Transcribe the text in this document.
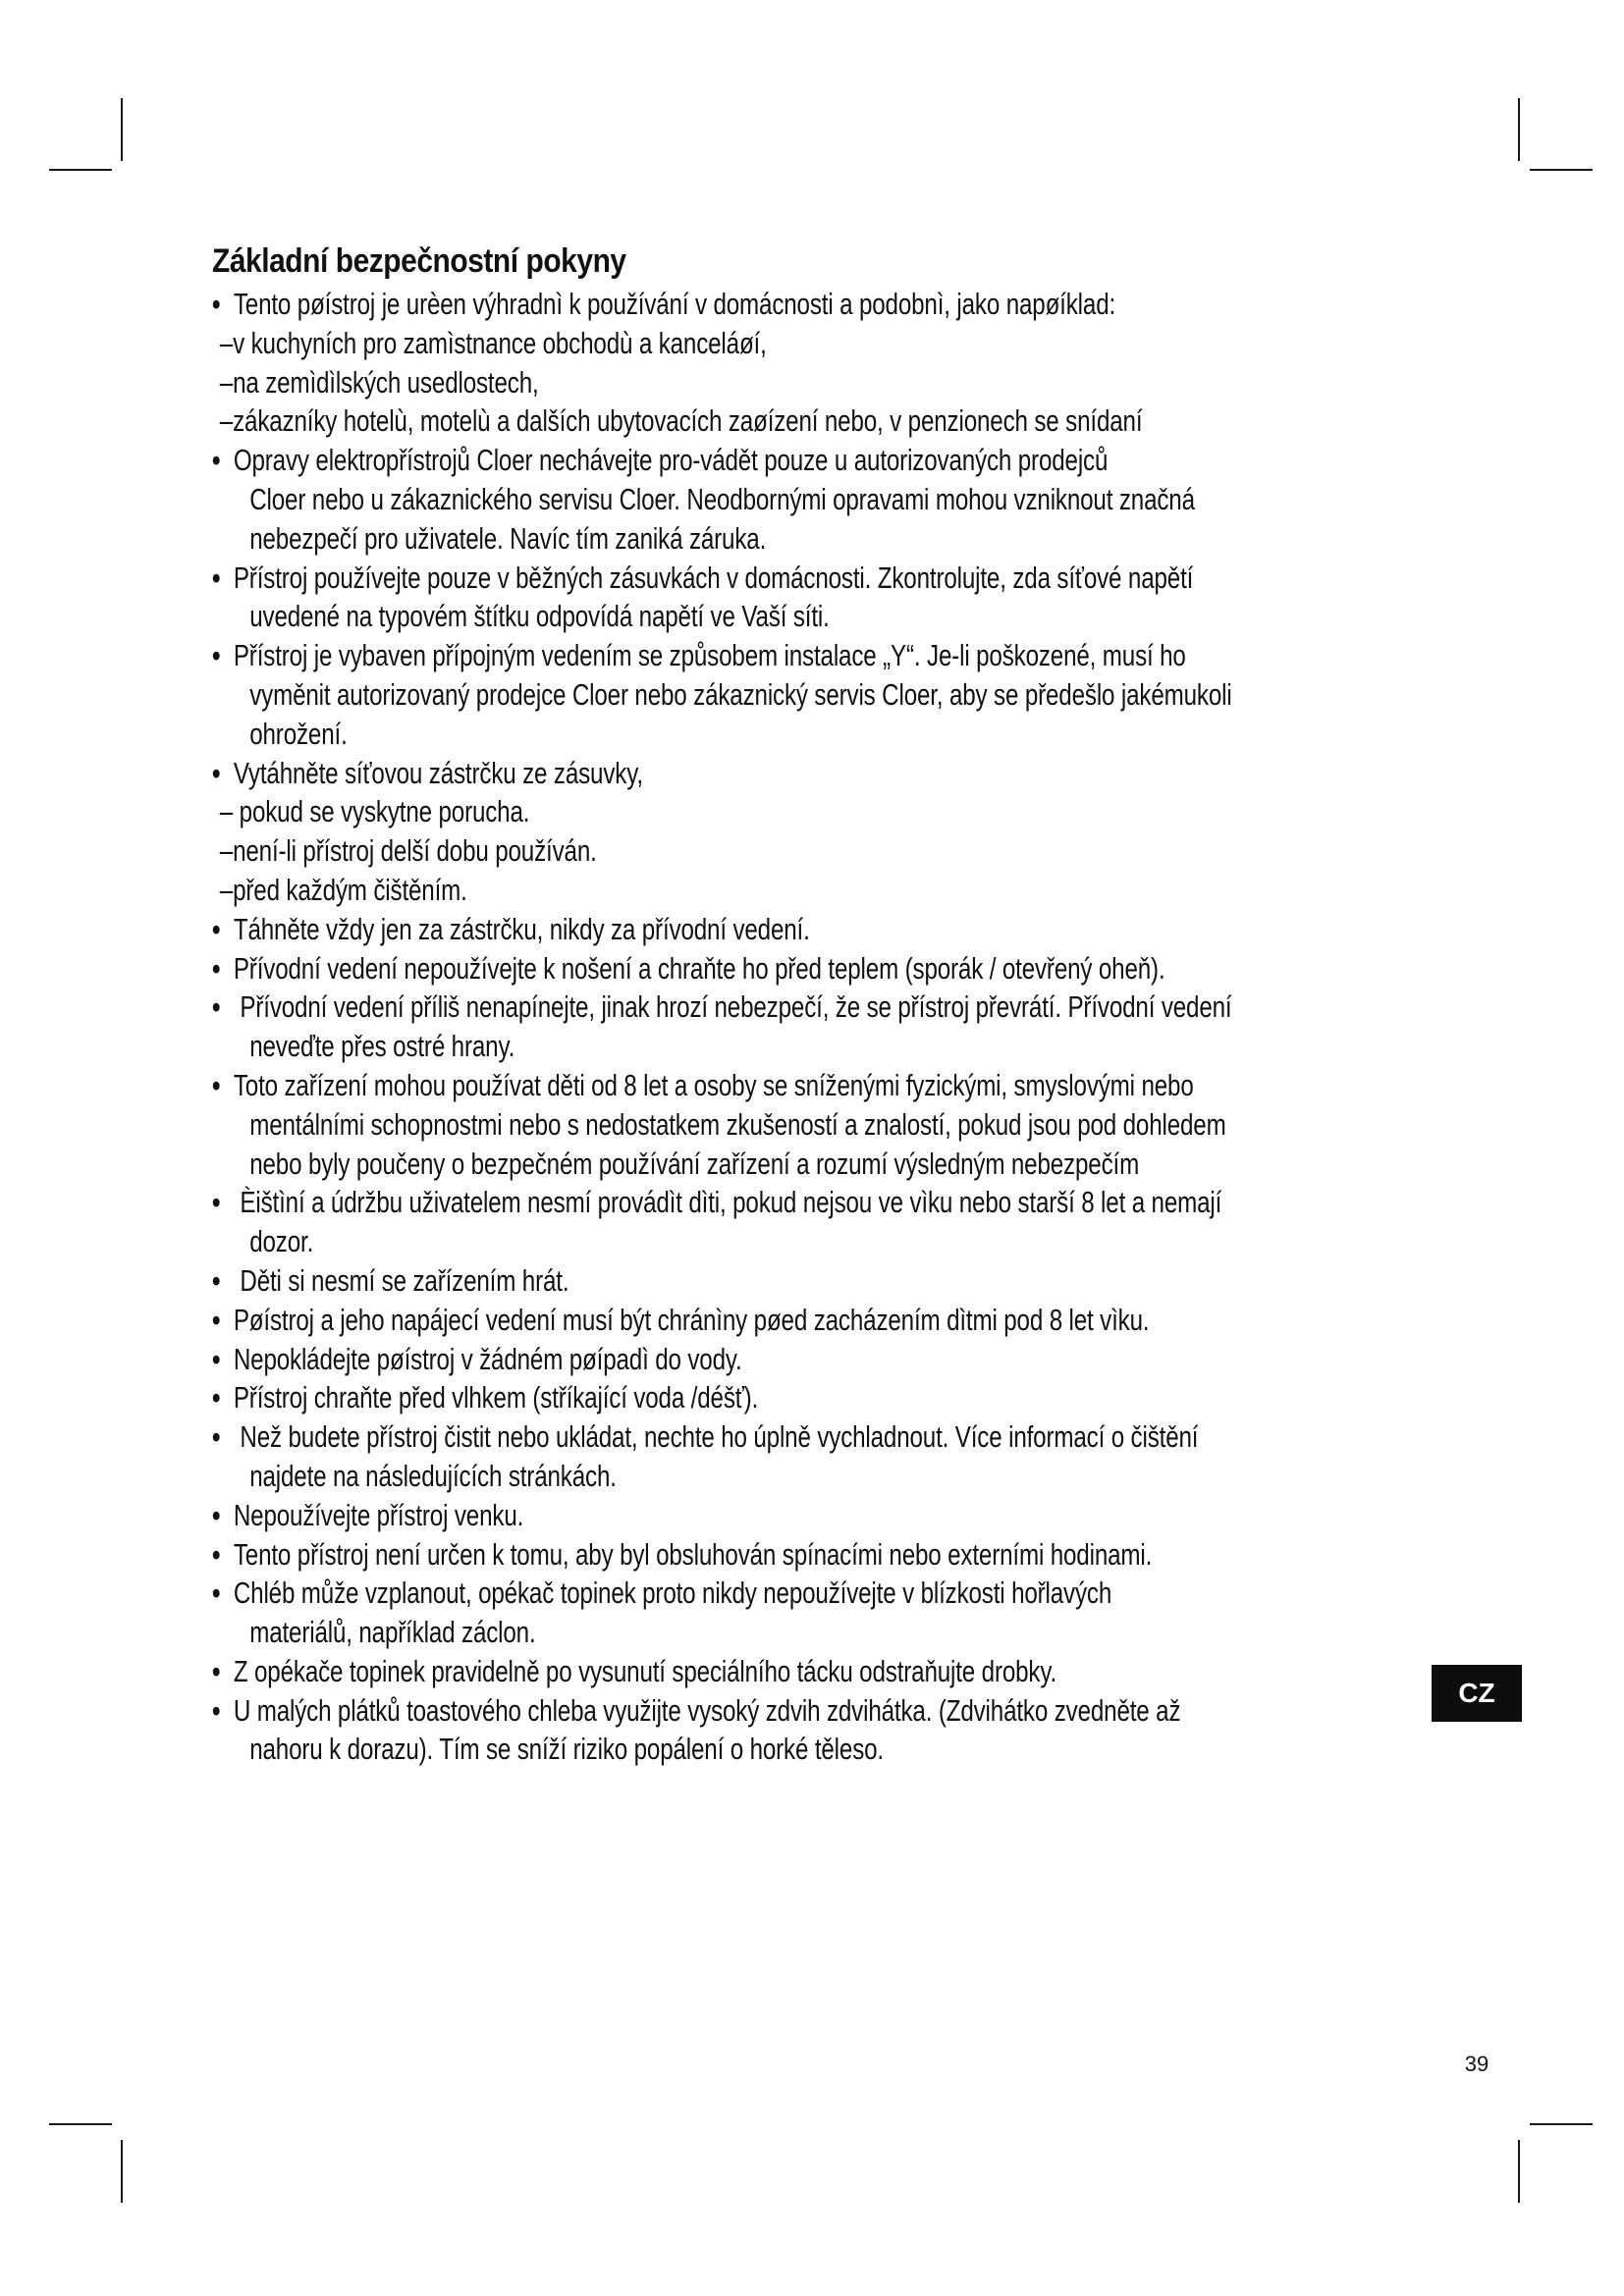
Základní bezpečnostní pokyny
• Tento pøístroj je urèen výhradnì k používání v domácnosti a podobnì, jako napøíklad:
–v kuchyních pro zamìstnance obchodù a kanceláøí,
–na zemìdìlských usedlostech,
–zákazníky hotelù, motelù a dalších ubytovacích zaøízení nebo, v penzionech se snídaní
• Opravy elektropřístrojů Cloer nechávejte pro-vádět pouze u autorizovaných prodejců
Cloer nebo u zákaznického servisu Cloer. Neodbornými opravami mohou vzniknout značná
nebezpečí pro uživatele. Navíc tím zaniká záruka.
• Přístroj používejte pouze v běžných zásuvkách v domácnosti. Zkontrolujte, zda síťové napětí
uvedené na typovém štítku odpovídá napětí ve Vaší síti.
• Přístroj je vybaven přípojným vedením se způsobem instalace „Y“. Je-li poškozené, musí ho
vyměnit autorizovaný prodejce Cloer nebo zákaznický servis Cloer, aby se předešlo jakémukoli
ohrožení.
• Vytáhněte síťovou zástrčku ze zásuvky,
– pokud se vyskytne porucha.
–není-li přístroj delší dobu používán.
–před každým čištěním.
• Táhněte vždy jen za zástrčku, nikdy za přívodní vedení.
• Přívodní vedení nepoužívejte k nošení a chraňte ho před teplem (sporák / otevřený oheň).
• Přívodní vedení příliš nenapínejte, jinak hrozí nebezpečí, že se přístroj převrátí. Přívodní vedení
neveďte přes ostré hrany.
• Toto zařízení mohou používat děti od 8 let a osoby se sníženými fyzickými, smyslovými nebo
mentálními schopnostmi nebo s nedostatkem zkušeností a znalostí, pokud jsou pod dohledem
nebo byly poučeny o bezpečném používání zařízení a rozumí výsledným nebezpečím
• Èištìní a údržbu uživatelem nesmí provádìt dìti, pokud nejsou ve vìku nebo starší 8 let a nemají
dozor.
• Děti si nesmí se zařízením hrát.
• Pøístroj a jeho napájecí vedení musí být chránìny pøed zacházením dìtmi pod 8 let vìku.
• Nepokládejte pøístroj v žádném pøípadì do vody.
• Přístroj chraňte před vlhkem (stříkající voda /déšť).
• Než budete přístroj čistit nebo ukládat, nechte ho úplně vychladnout. Více informací o čištění
najdete na následujících stránkách.
• Nepoužívejte přístroj venku.
• Tento přístroj není určen k tomu, aby byl obsluhován spínacími nebo externími hodinami.
• Chléb může vzplanout, opékač topinek proto nikdy nepoužívejte v blízkosti hořlavých
materiálů, například záclon.
• Z opékače topinek pravidelně po vysunutí speciálního tácku odstraňujte drobky.
• U malých plátků toastového chleba využijte vysoký zdvih zdvihátka. (Zdvihátko zvedněte až
nahoru k dorazu). Tím se sníží riziko popálení o horké těleso.
CZ
39
